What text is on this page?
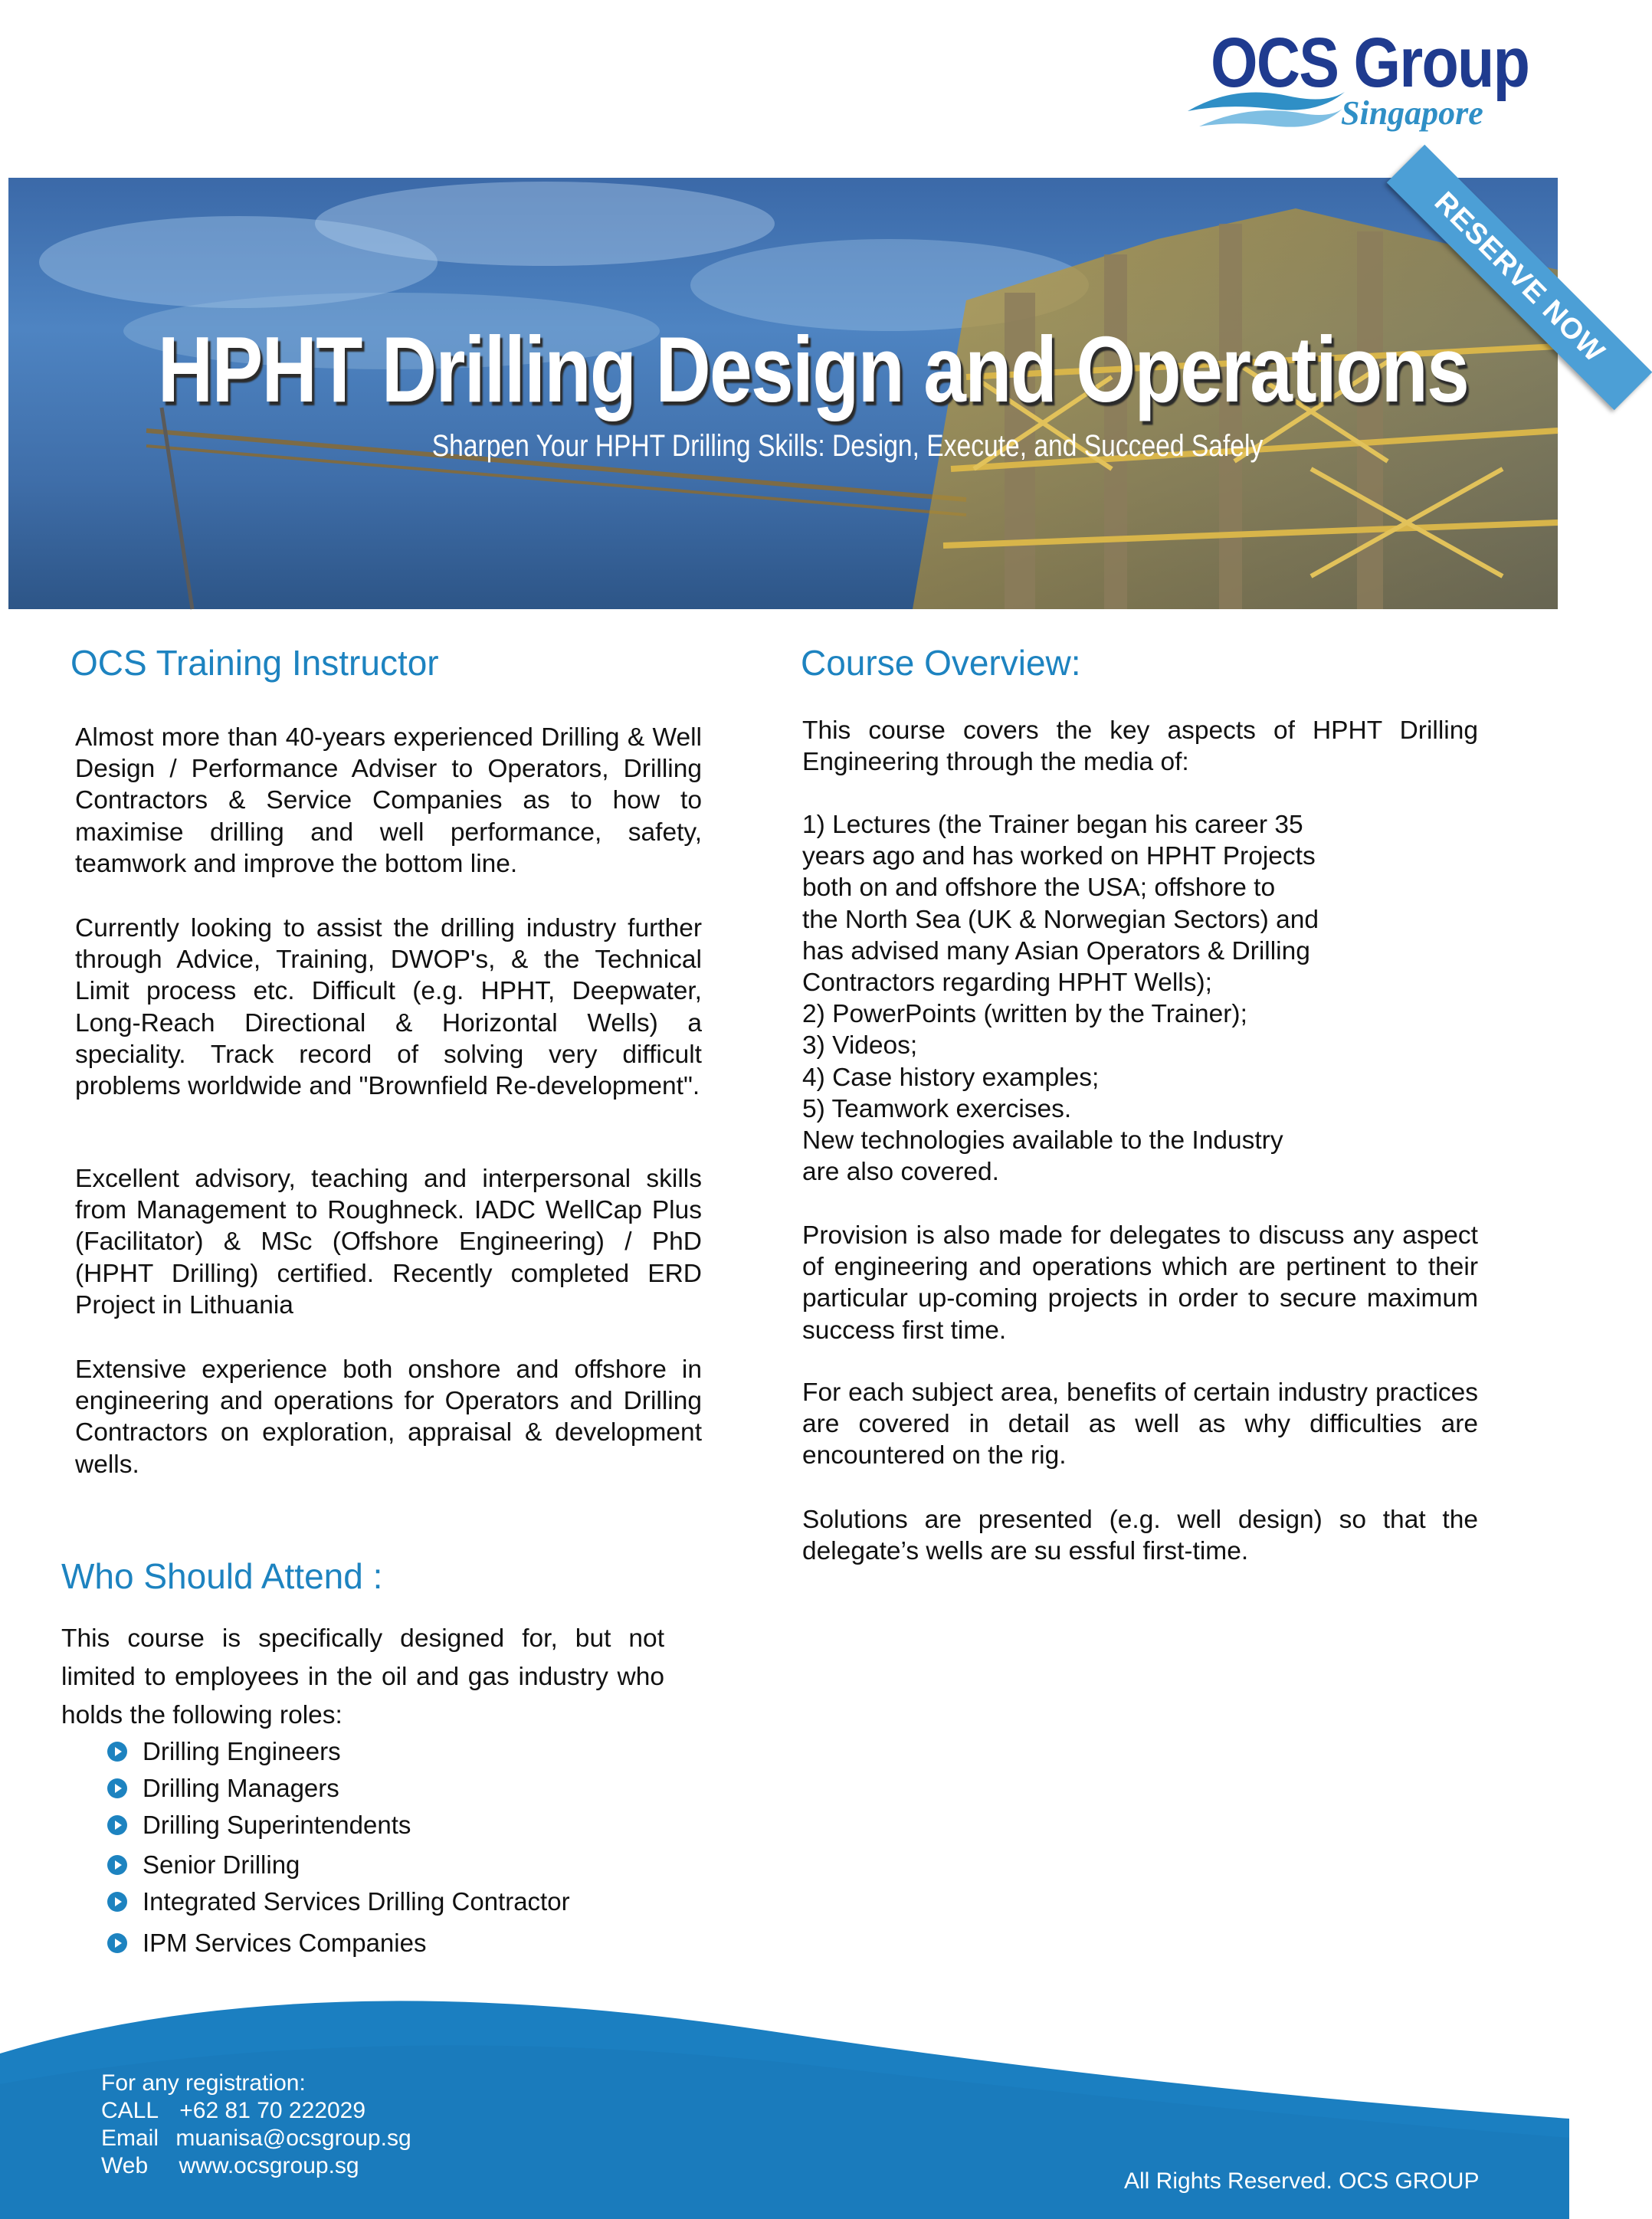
OCS Group
Singapore
HPHT Drilling Design and Operations
Sharpen Your HPHT Drilling Skills: Design, Execute, and Succeed Safely
RESERVE NOW
OCS Training Instructor
Almost more than 40-years experienced Drilling & Well Design / Performance Adviser to Operators, Drilling Contractors & Service Companies as to how to maximise drilling and well performance, safety, teamwork and improve the bottom line.
Currently looking to assist the drilling industry further through Advice, Training, DWOP's, & the Technical Limit process etc. Difficult (e.g. HPHT, Deepwater, Long-Reach Directional & Horizontal Wells) a speciality. Track record of solving very difficult problems worldwide and "Brownfield Re-development".
Excellent advisory, teaching and interpersonal skills from Management to Roughneck. IADC WellCap Plus (Facilitator) & MSc (Offshore Engineering) / PhD (HPHT Drilling) certified. Recently completed ERD Project in Lithuania
Extensive experience both onshore and offshore in engineering and operations for Operators and Drilling Contractors on exploration, appraisal & development wells.
Who Should Attend :
This course is specifically designed for, but not limited to employees in the oil and gas industry who holds the following roles:
Drilling Engineers
Drilling Managers
Drilling Superintendents
Senior Drilling
Integrated Services Drilling Contractor
IPM Services Companies
Course Overview:
This course covers the key aspects of HPHT Drilling Engineering through the media of:
1) Lectures (the Trainer began his career 35
years ago and has worked on HPHT Projects
both on and offshore the USA; offshore to
the North Sea (UK & Norwegian Sectors) and
has advised many Asian Operators & Drilling
Contractors regarding HPHT Wells);
2) PowerPoints (written by the Trainer);
3) Videos;
4) Case history examples;
5) Teamwork exercises.
New technologies available to the Industry
are also covered.
Provision is also made for delegates to discuss any aspect of engineering and operations which are pertinent to their particular up-coming projects in order to secure maximum success first time.
For each subject area, benefits of certain industry practices are covered in detail as well as why difficulties are encountered on the rig.
Solutions are presented (e.g. well design) so that the delegate’s wells are su essful first-time.
For any registration:
CALL +62 81 70 222029
Email muanisa@ocsgroup.sg
Web www.ocsgroup.sg
All Rights Reserved. OCS GROUP
